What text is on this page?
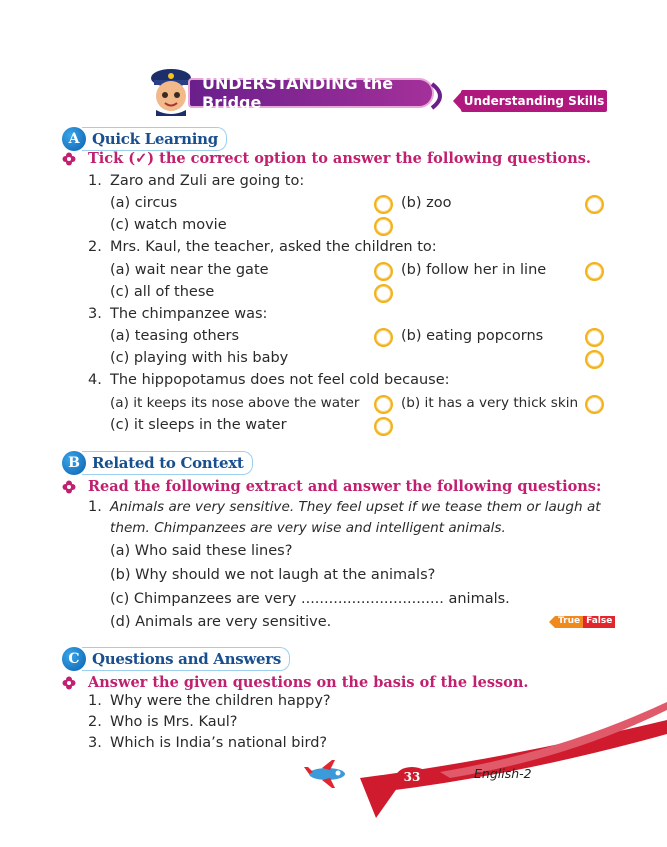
UNDERSTANDING the Bridge	Understanding Skills
A Quick Learning
Tick (✓) the correct option to answer the following questions.
1. Zaro and Zuli are going to:
(a) circus	(b) zoo
(c) watch movie
2. Mrs. Kaul, the teacher, asked the children to:
(a) wait near the gate	(b) follow her in line
(c) all of these
3. The chimpanzee was:
(a) teasing others	(b) eating popcorns
(c) playing with his baby
4. The hippopotamus does not feel cold because:
(a) it keeps its nose above the water	(b) it has a very thick skin
(c) it sleeps in the water
B Related to Context
Read the following extract and answer the following questions:
1. Animals are very sensitive. They feel upset if we tease them or laugh at
them. Chimpanzees are very wise and intelligent animals.
(a) Who said these lines?
(b) Why should we not laugh at the animals?
(c) Chimpanzees are very ............................... animals.
(d) Animals are very sensitive.	True False
C Questions and Answers
Answer the given questions on the basis of the lesson.
1. Why were the children happy?
2. Who is Mrs. Kaul?
3. Which is India’s national bird?
33	English-2
